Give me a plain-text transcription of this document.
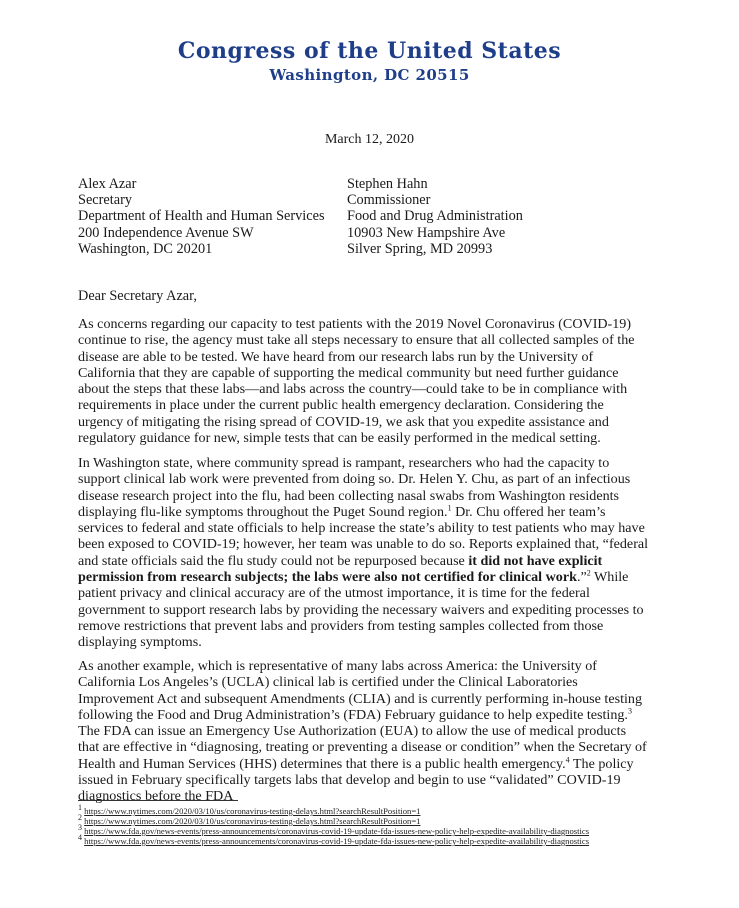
Congress of the United States
Washington, DC 20515
March 12, 2020
Alex Azar
Secretary
Department of Health and Human Services
200 Independence Avenue SW
Washington, DC 20201
Stephen Hahn
Commissioner
Food and Drug Administration
10903 New Hampshire Ave
Silver Spring, MD 20993
Dear Secretary Azar,
As concerns regarding our capacity to test patients with the 2019 Novel Coronavirus (COVID-19) continue to rise, the agency must take all steps necessary to ensure that all collected samples of the disease are able to be tested. We have heard from our research labs run by the University of California that they are capable of supporting the medical community but need further guidance about the steps that these labs—and labs across the country—could take to be in compliance with requirements in place under the current public health emergency declaration. Considering the urgency of mitigating the rising spread of COVID-19, we ask that you expedite assistance and regulatory guidance for new, simple tests that can be easily performed in the medical setting.
In Washington state, where community spread is rampant, researchers who had the capacity to support clinical lab work were prevented from doing so. Dr. Helen Y. Chu, as part of an infectious disease research project into the flu, had been collecting nasal swabs from Washington residents displaying flu-like symptoms throughout the Puget Sound region.$^1$ Dr. Chu offered her team’s services to federal and state officials to help increase the state’s ability to test patients who may have been exposed to COVID-19; however, her team was unable to do so. Reports explained that, “federal and state officials said the flu study could not be repurposed because it did not have explicit permission from research subjects; the labs were also not certified for clinical work.”$^2$ While patient privacy and clinical accuracy are of the utmost importance, it is time for the federal government to support research labs by providing the necessary waivers and expediting processes to remove restrictions that prevent labs and providers from testing samples collected from those displaying symptoms.
As another example, which is representative of many labs across America: the University of California Los Angeles’s (UCLA) clinical lab is certified under the Clinical Laboratories Improvement Act and subsequent Amendments (CLIA) and is currently performing in-house testing following the Food and Drug Administration’s (FDA) February guidance to help expedite testing.$^3$ The FDA can issue an Emergency Use Authorization (EUA) to allow the use of medical products that are effective in “diagnosing, treating or preventing a disease or condition” when the Secretary of Health and Human Services (HHS) determines that there is a public health emergency.$^4$ The policy issued in February specifically targets labs that develop and begin to use “validated” COVID-19 diagnostics before the FDA
$^1$ https://www.nytimes.com/2020/03/10/us/coronavirus-testing-delays.html?searchResultPosition=1
$^2$ https://www.nytimes.com/2020/03/10/us/coronavirus-testing-delays.html?searchResultPosition=1
$^3$ https://www.fda.gov/news-events/press-announcements/coronavirus-covid-19-update-fda-issues-new-policy-help-expedite-availability-diagnostics
$^4$ https://www.fda.gov/news-events/press-announcements/coronavirus-covid-19-update-fda-issues-new-policy-help-expedite-availability-diagnostics
